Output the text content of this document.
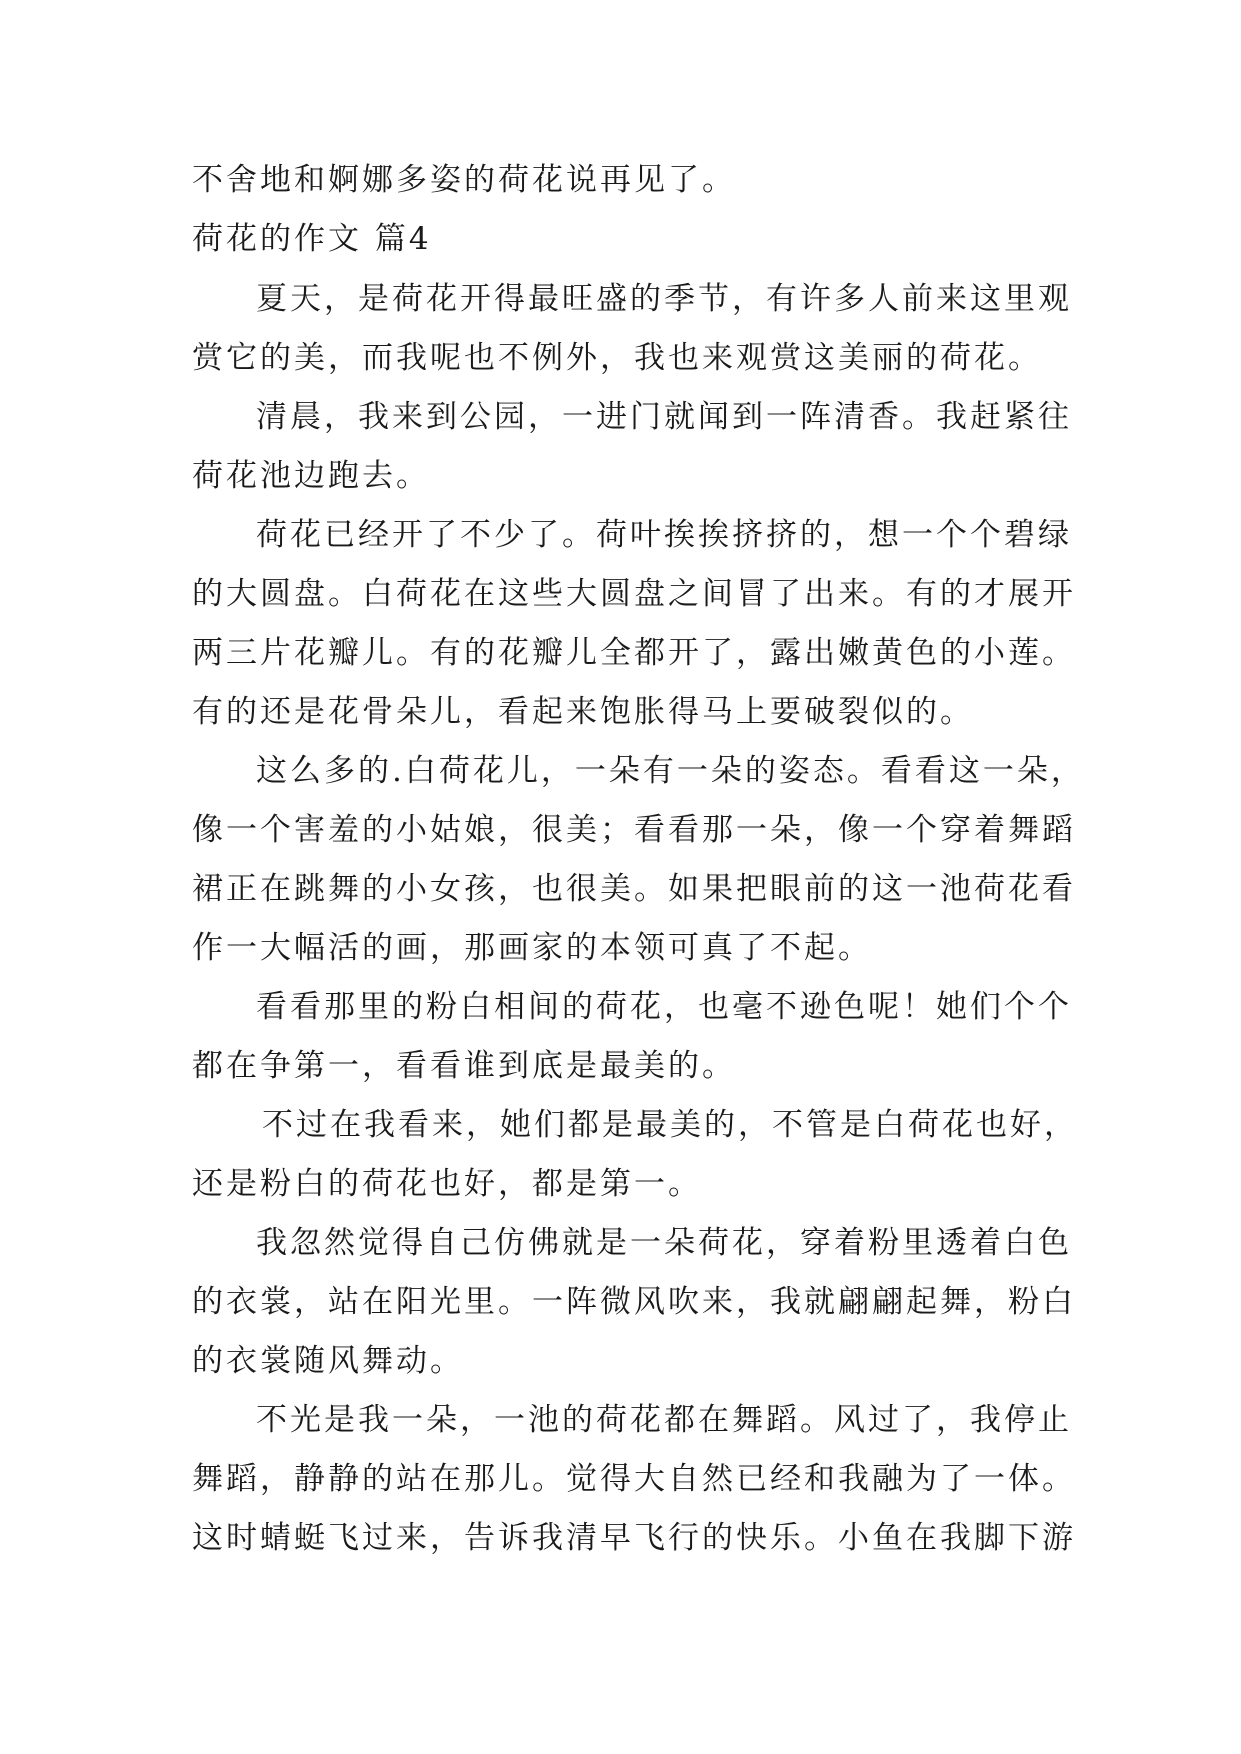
不舍地和婀娜多姿的荷花说再见了。
荷花的作文 篇4
夏天，是荷花开得最旺盛的季节，有许多人前来这里观
赏它的美，而我呢也不例外，我也来观赏这美丽的荷花。
清晨，我来到公园，一进门就闻到一阵清香。我赶紧往
荷花池边跑去。
荷花已经开了不少了。荷叶挨挨挤挤的，想一个个碧绿
的大圆盘。白荷花在这些大圆盘之间冒了出来。有的才展开
两三片花瓣儿。有的花瓣儿全都开了，露出嫩黄色的小莲。
有的还是花骨朵儿，看起来饱胀得马上要破裂似的。
这么多的.白荷花儿，一朵有一朵的姿态。看看这一朵，
像一个害羞的小姑娘，很美；看看那一朵，像一个穿着舞蹈
裙正在跳舞的小女孩，也很美。如果把眼前的这一池荷花看
作一大幅活的画，那画家的本领可真了不起。
看看那里的粉白相间的荷花，也毫不逊色呢！她们个个
都在争第一，看看谁到底是最美的。
不过在我看来，她们都是最美的，不管是白荷花也好，
还是粉白的荷花也好，都是第一。
我忽然觉得自己仿佛就是一朵荷花，穿着粉里透着白色
的衣裳，站在阳光里。一阵微风吹来，我就翩翩起舞，粉白
的衣裳随风舞动。
不光是我一朵，一池的荷花都在舞蹈。风过了，我停止
舞蹈，静静的站在那儿。觉得大自然已经和我融为了一体。
这时蜻蜓飞过来，告诉我清早飞行的快乐。小鱼在我脚下游
